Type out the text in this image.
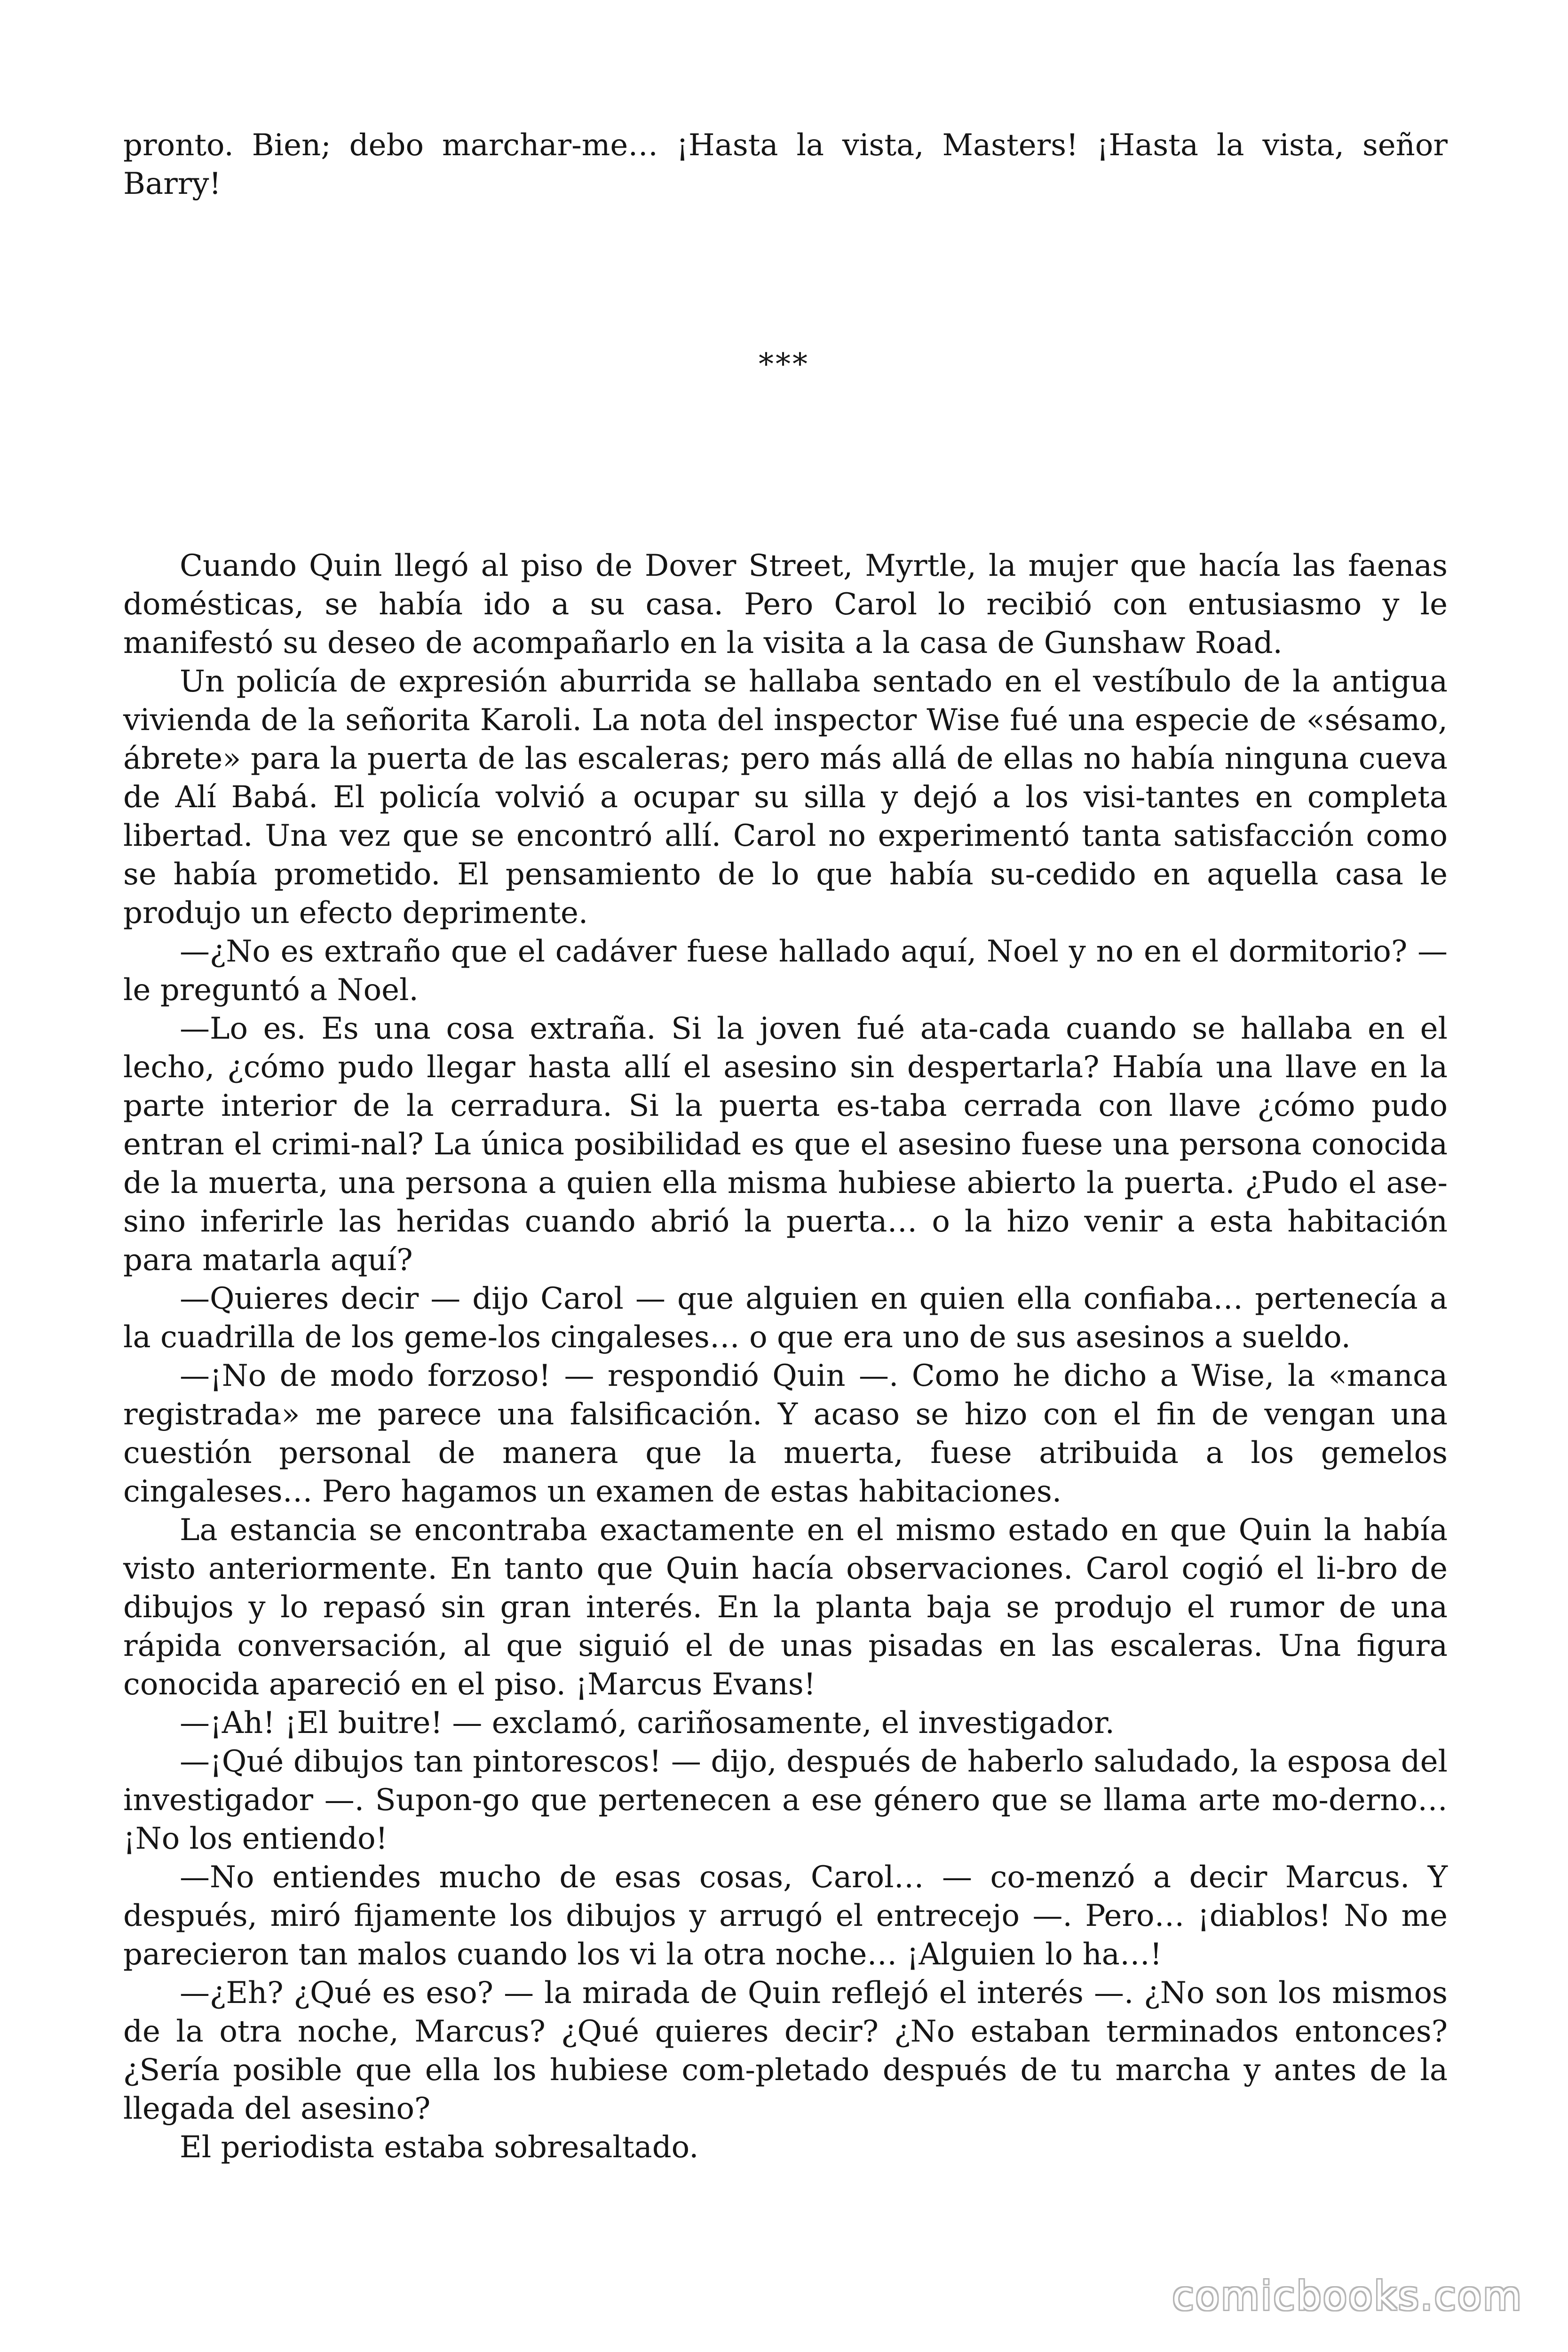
pronto. Bien; debo marchar-me… ¡Hasta la vista, Masters! ¡Hasta la vista, señor Barry!

***

Cuando Quin llegó al piso de Dover Street, Myrtle, la mujer que hacía las faenas domésticas, se había ido a su casa. Pero Carol lo recibió con entusiasmo y le manifestó su deseo de acompañarlo en la visita a la casa de Gunshaw Road.

Un policía de expresión aburrida se hallaba sentado en el vestíbulo de la antigua vivienda de la señorita Karoli. La nota del inspector Wise fué una especie de «sésamo, ábrete» para la puerta de las escaleras; pero más allá de ellas no había ninguna cueva de Alí Babá. El policía volvió a ocupar su silla y dejó a los visi-tantes en completa libertad. Una vez que se encontró allí. Carol no experimentó tanta satisfacción como se había prometido. El pensamiento de lo que había su-cedido en aquella casa le produjo un efecto deprimente.

—¿No es extraño que el cadáver fuese hallado aquí, Noel y no en el dormitorio? — le preguntó a Noel.

—Lo es. Es una cosa extraña. Si la joven fué ata-cada cuando se hallaba en el lecho, ¿cómo pudo llegar hasta allí el asesino sin despertarla? Había una llave en la parte interior de la cerradura. Si la puerta es-taba cerrada con llave ¿cómo pudo entran el crimi-nal? La única posibilidad es que el asesino fuese una persona conocida de la muerta, una persona a quien ella misma hubiese abierto la puerta. ¿Pudo el ase-sino inferirle las heridas cuando abrió la puerta… o la hizo venir a esta habitación para matarla aquí?

—Quieres decir — dijo Carol — que alguien en quien ella confiaba… pertenecía a la cuadrilla de los geme-los cingaleses… o que era uno de sus asesinos a sueldo.

—¡No de modo forzoso! — respondió Quin —. Como he dicho a Wise, la «manca registrada» me parece una falsificación. Y acaso se hizo con el fin de vengan una cuestión personal de manera que la muerta, fuese atribuida a los gemelos cingaleses… Pero hagamos un examen de estas habitaciones.

La estancia se encontraba exactamente en el mismo estado en que Quin la había visto anteriormente. En tanto que Quin hacía observaciones. Carol cogió el li-bro de dibujos y lo repasó sin gran interés. En la planta baja se produjo el rumor de una rápida conversación, al que siguió el de unas pisadas en las escaleras. Una figura conocida apareció en el piso. ¡Marcus Evans!

—¡Ah! ¡El buitre! — exclamó, cariñosamente, el investigador.

—¡Qué dibujos tan pintorescos! — dijo, después de haberlo saludado, la esposa del investigador —. Supon-go que pertenecen a ese género que se llama arte mo-derno… ¡No los entiendo!

—No entiendes mucho de esas cosas, Carol… — co-menzó a decir Marcus. Y después, miró fijamente los dibujos y arrugó el entrecejo —. Pero… ¡diablos! No me parecieron tan malos cuando los vi la otra noche… ¡Alguien lo ha…!

—¿Eh? ¿Qué es eso? — la mirada de Quin reflejó el interés —. ¿No son los mismos de la otra noche, Marcus? ¿Qué quieres decir? ¿No estaban terminados entonces? ¿Sería posible que ella los hubiese com-pletado después de tu marcha y antes de la llegada del asesino?

El periodista estaba sobresaltado.

comicbooks.com
